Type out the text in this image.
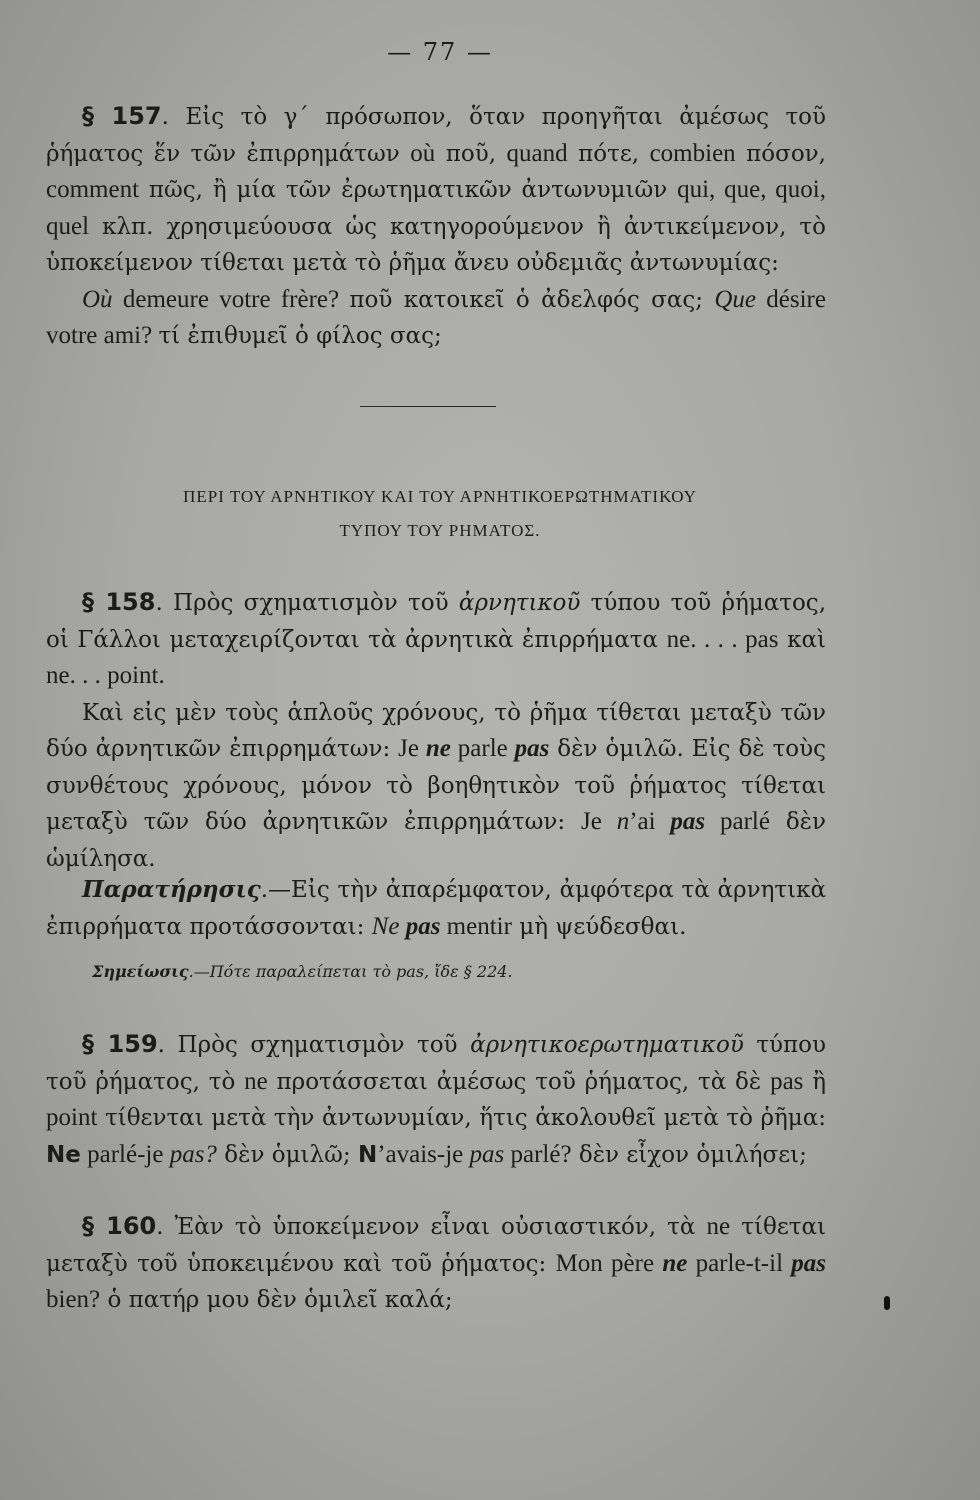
— 77 —
§ 157. Εἰς τὸ γ΄ πρόσωπον, ὅταν προηγῆται ἀμέσως τοῦ ῥήματος ἕν τῶν ἐπιρρημάτων où ποῦ, quand πότε, combien πόσον, comment πῶς, ἢ μία τῶν ἐρωτηματικῶν ἀντωνυμιῶν qui, que, quoi, quel κλπ. χρησιμεύουσα ὡς κατηγορούμενον ἢ ἀντικείμενον, τὸ ὑποκείμενον τίθεται μετὰ τὸ ῥῆμα ἄνευ οὐδεμιᾶς ἀντωνυμίας:
Où demeure votre frère? ποῦ κατοικεῖ ὁ ἀδελφός σας; Que désire votre ami? τί ἐπιθυμεῖ ὁ φίλος σας;
ΠΕΡΙ ΤΟΥ ΑΡΝΗΤΙΚΟΥ ΚΑΙ ΤΟΥ ΑΡΝΗΤΙΚΟΕΡΩΤΗΜΑΤΙΚΟΥ
ΤΥΠΟΥ ΤΟΥ ΡΗΜΑΤΟΣ.
§ 158. Πρὸς σχηματισμὸν τοῦ ἀρνητικοῦ τύπου τοῦ ῥήματος, οἱ Γάλλοι μεταχειρίζονται τὰ ἀρνητικὰ ἐπιρρήματα ne. . . . pas καὶ ne. . . point.
Καὶ εἰς μὲν τοὺς ἁπλοῦς χρόνους, τὸ ῥῆμα τίθεται μεταξὺ τῶν δύο ἀρνητικῶν ἐπιρρημάτων: Je ne parle pas δὲν ὁμιλῶ. Εἰς δὲ τοὺς συνθέτους χρόνους, μόνον τὸ βοηθητικὸν τοῦ ῥήματος τίθεται μεταξὺ τῶν δύο ἀρνητικῶν ἐπιρρημάτων: Je n’ai pas parlé δὲν ὡμίλησα.
Παρατήρησις.—Εἰς τὴν ἀπαρέμφατον, ἀμφότερα τὰ ἀρνητικὰ ἐπιρρήματα προτάσσονται: Ne pas mentir μὴ ψεύδεσθαι.
Σημείωσις.—Πότε παραλείπεται τὸ pas, ἴδε § 224.
§ 159. Πρὸς σχηματισμὸν τοῦ ἀρνητικοερωτηματικοῦ τύπου τοῦ ῥήματος, τὸ ne προτάσσεται ἀμέσως τοῦ ῥήματος, τὰ δὲ pas ἢ point τίθενται μετὰ τὴν ἀντωνυμίαν, ἥτις ἀκολουθεῖ μετὰ τὸ ῥῆμα: Ne parlé-je pas? δὲν ὁμιλῶ; N’avais-je pas parlé? δὲν εἶχον ὁμιλήσει;
§ 160. Ἐὰν τὸ ὑποκείμενον εἶναι οὐσιαστικόν, τὰ ne τίθεται μεταξὺ τοῦ ὑποκειμένου καὶ τοῦ ῥήματος: Mon père ne parle-t-il pas bien? ὁ πατήρ μου δὲν ὁμιλεῖ καλά;
